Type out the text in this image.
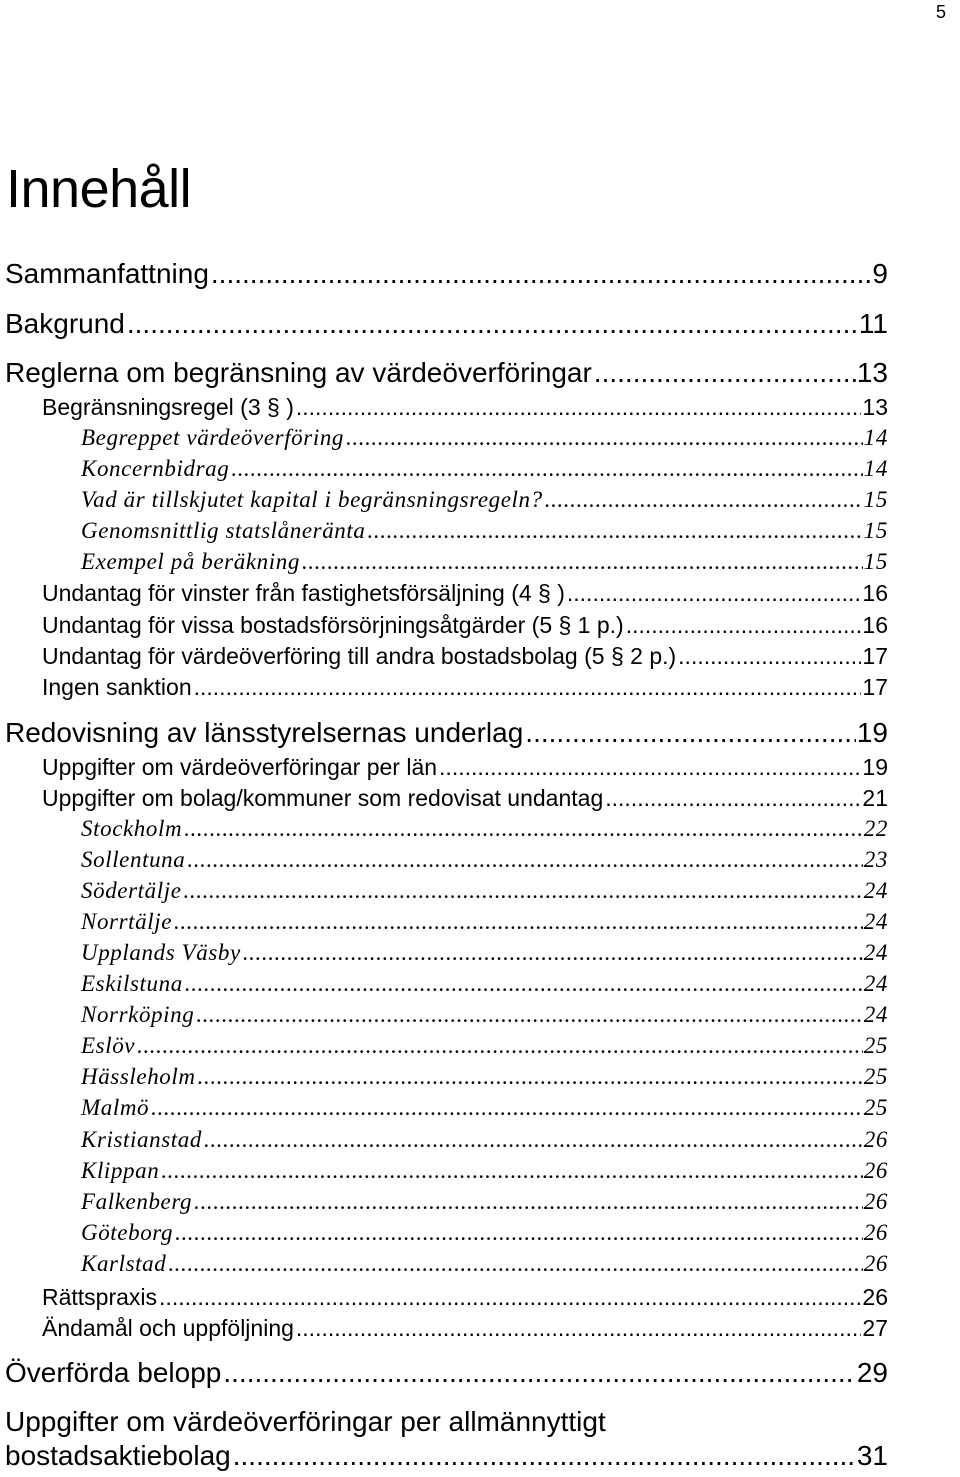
5
Innehåll
Sammanfattning .....	9
Bakgrund .....	11
Reglerna om begränsning av värdeöverföringar .....	13
Begränsningsregel (3 § ) .....	13
Begreppet värdeöverföring .....	14
Koncernbidrag .....	14
Vad är tillskjutet kapital i begränsningsregeln? .....	15
Genomsnittlig statslåneränta .....	15
Exempel på beräkning .....	15
Undantag för vinster från fastighetsförsäljning (4 § ) .....	16
Undantag för vissa bostadsförsörjningsåtgärder (5 § 1 p.) .....	16
Undantag för värdeöverföring till andra bostadsbolag (5 § 2 p.) .....	17
Ingen sanktion .....	17
Redovisning av länsstyrelsernas underlag .....	19
Uppgifter om värdeöverföringar per län .....	19
Uppgifter om bolag/kommuner som redovisat undantag .....	21
Stockholm .....	22
Sollentuna .....	23
Södertälje .....	24
Norrtälje .....	24
Upplands Väsby .....	24
Eskilstuna .....	24
Norrköping .....	24
Eslöv .....	25
Hässleholm .....	25
Malmö .....	25
Kristianstad .....	26
Klippan .....	26
Falkenberg .....	26
Göteborg .....	26
Karlstad .....	26
Rättspraxis .....	26
Ändamål och uppföljning .....	27
Överförda belopp .....	29
Uppgifter om värdeöverföringar per allmännyttigt
bostadsaktiebolag .....	31
